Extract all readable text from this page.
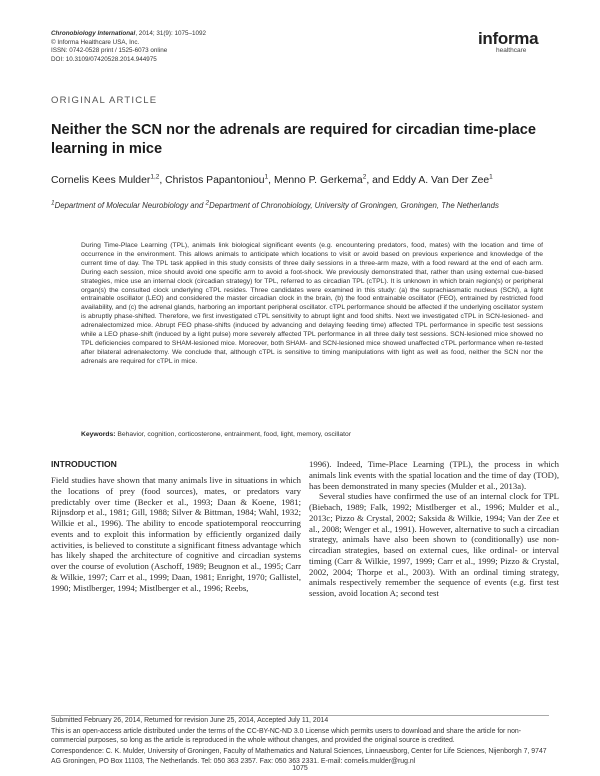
Chronobiology International, 2014; 31(9): 1075–1092
© Informa Healthcare USA, Inc.
ISSN: 0742-0528 print / 1525-6073 online
DOI: 10.3109/07420528.2014.944975
informa
healthcare
ORIGINAL ARTICLE
Neither the SCN nor the adrenals are required for circadian time-place learning in mice
Cornelis Kees Mulder$^{1,2}$, Christos Papantoniou$^1$, Menno P. Gerkema$^2$, and Eddy A. Van Der Zee$^1$
$^1$Department of Molecular Neurobiology and $^2$Department of Chronobiology, University of Groningen, Groningen, The Netherlands
During Time-Place Learning (TPL), animals link biological significant events (e.g. encountering predators, food, mates) with the location and time of occurrence in the environment. This allows animals to anticipate which locations to visit or avoid based on previous experience and knowledge of the current time of day. The TPL task applied in this study consists of three daily sessions in a three-arm maze, with a food reward at the end of each arm. During each session, mice should avoid one specific arm to avoid a foot-shock. We previously demonstrated that, rather than using external cue-based strategies, mice use an internal clock (circadian strategy) for TPL, referred to as circadian TPL (cTPL). It is unknown in which brain region(s) or peripheral organ(s) the consulted clock underlying cTPL resides. Three candidates were examined in this study: (a) the suprachiasmatic nucleus (SCN), a light entrainable oscillator (LEO) and considered the master circadian clock in the brain, (b) the food entrainable oscillator (FEO), entrained by restricted food availability, and (c) the adrenal glands, harboring an important peripheral oscillator. cTPL performance should be affected if the underlying oscillator system is abruptly phase-shifted. Therefore, we first investigated cTPL sensitivity to abrupt light and food shifts. Next we investigated cTPL in SCN-lesioned- and adrenalectomized mice. Abrupt FEO phase-shifts (induced by advancing and delaying feeding time) affected TPL performance in specific test sessions while a LEO phase-shift (induced by a light pulse) more severely affected TPL performance in all three daily test sessions. SCN-lesioned mice showed no TPL deficiencies compared to SHAM-lesioned mice. Moreover, both SHAM- and SCN-lesioned mice showed unaffected cTPL performance when re-tested after bilateral adrenalectomy. We conclude that, although cTPL is sensitive to timing manipulations with light as well as food, neither the SCN nor the adrenals are required for cTPL in mice.
Keywords: Behavior, cognition, corticosterone, entrainment, food, light, memory, oscillator
INTRODUCTION

Field studies have shown that many animals live in situations in which the locations of prey (food sources), mates, or predators vary predictably over time (Becker et al., 1993; Daan & Koene, 1981; Rijnsdorp et al., 1981; Gill, 1988; Silver & Bittman, 1984; Wahl, 1932; Wilkie et al., 1996). The ability to encode spatiotemporal reoccurring events and to exploit this information by efficiently organized daily activities, is believed to constitute a significant fitness advantage which has likely shaped the architecture of cognitive and circadian systems over the course of evolution (Aschoff, 1989; Beugnon et al., 1995; Carr & Wilkie, 1997; Carr et al., 1999; Daan, 1981; Enright, 1970; Gallistel, 1990; Mistlberger, 1994; Mistlberger et al., 1996; Reebs,

1996). Indeed, Time-Place Learning (TPL), the process in which animals link events with the spatial location and the time of day (TOD), has been demonstrated in many species (Mulder et al., 2013a).

Several studies have confirmed the use of an internal clock for TPL (Biebach, 1989; Falk, 1992; Mistlberger et al., 1996; Mulder et al., 2013c; Pizzo & Crystal, 2002; Saksida & Wilkie, 1994; Van der Zee et al., 2008; Wenger et al., 1991). However, alternative to such a circadian strategy, animals have also been shown to (conditionally) use non-circadian strategies, based on external cues, like ordinal- or interval timing (Carr & Wilkie, 1997, 1999; Carr et al., 1999; Pizzo & Crystal, 2002, 2004; Thorpe et al., 2003). With an ordinal timing strategy, animals respectively remember the sequence of events (e.g. first test session, avoid location A; second test

Submitted February 26, 2014, Returned for revision June 25, 2014, Accepted July 11, 2014

This is an open-access article distributed under the terms of the CC-BY-NC-ND 3.0 License which permits users to download and share the article for non-commercial purposes, so long as the article is reproduced in the whole without changes, and provided the original source is credited.

Correspondence: C. K. Mulder, University of Groningen, Faculty of Mathematics and Natural Sciences, Linnaeusborg, Center for Life Sciences, Nijenborgh 7, 9747 AG Groningen, PO Box 11103, The Netherlands. Tel: 050 363 2357. Fax: 050 363 2331. E-mail: cornelis.mulder@rug.nl

1075
